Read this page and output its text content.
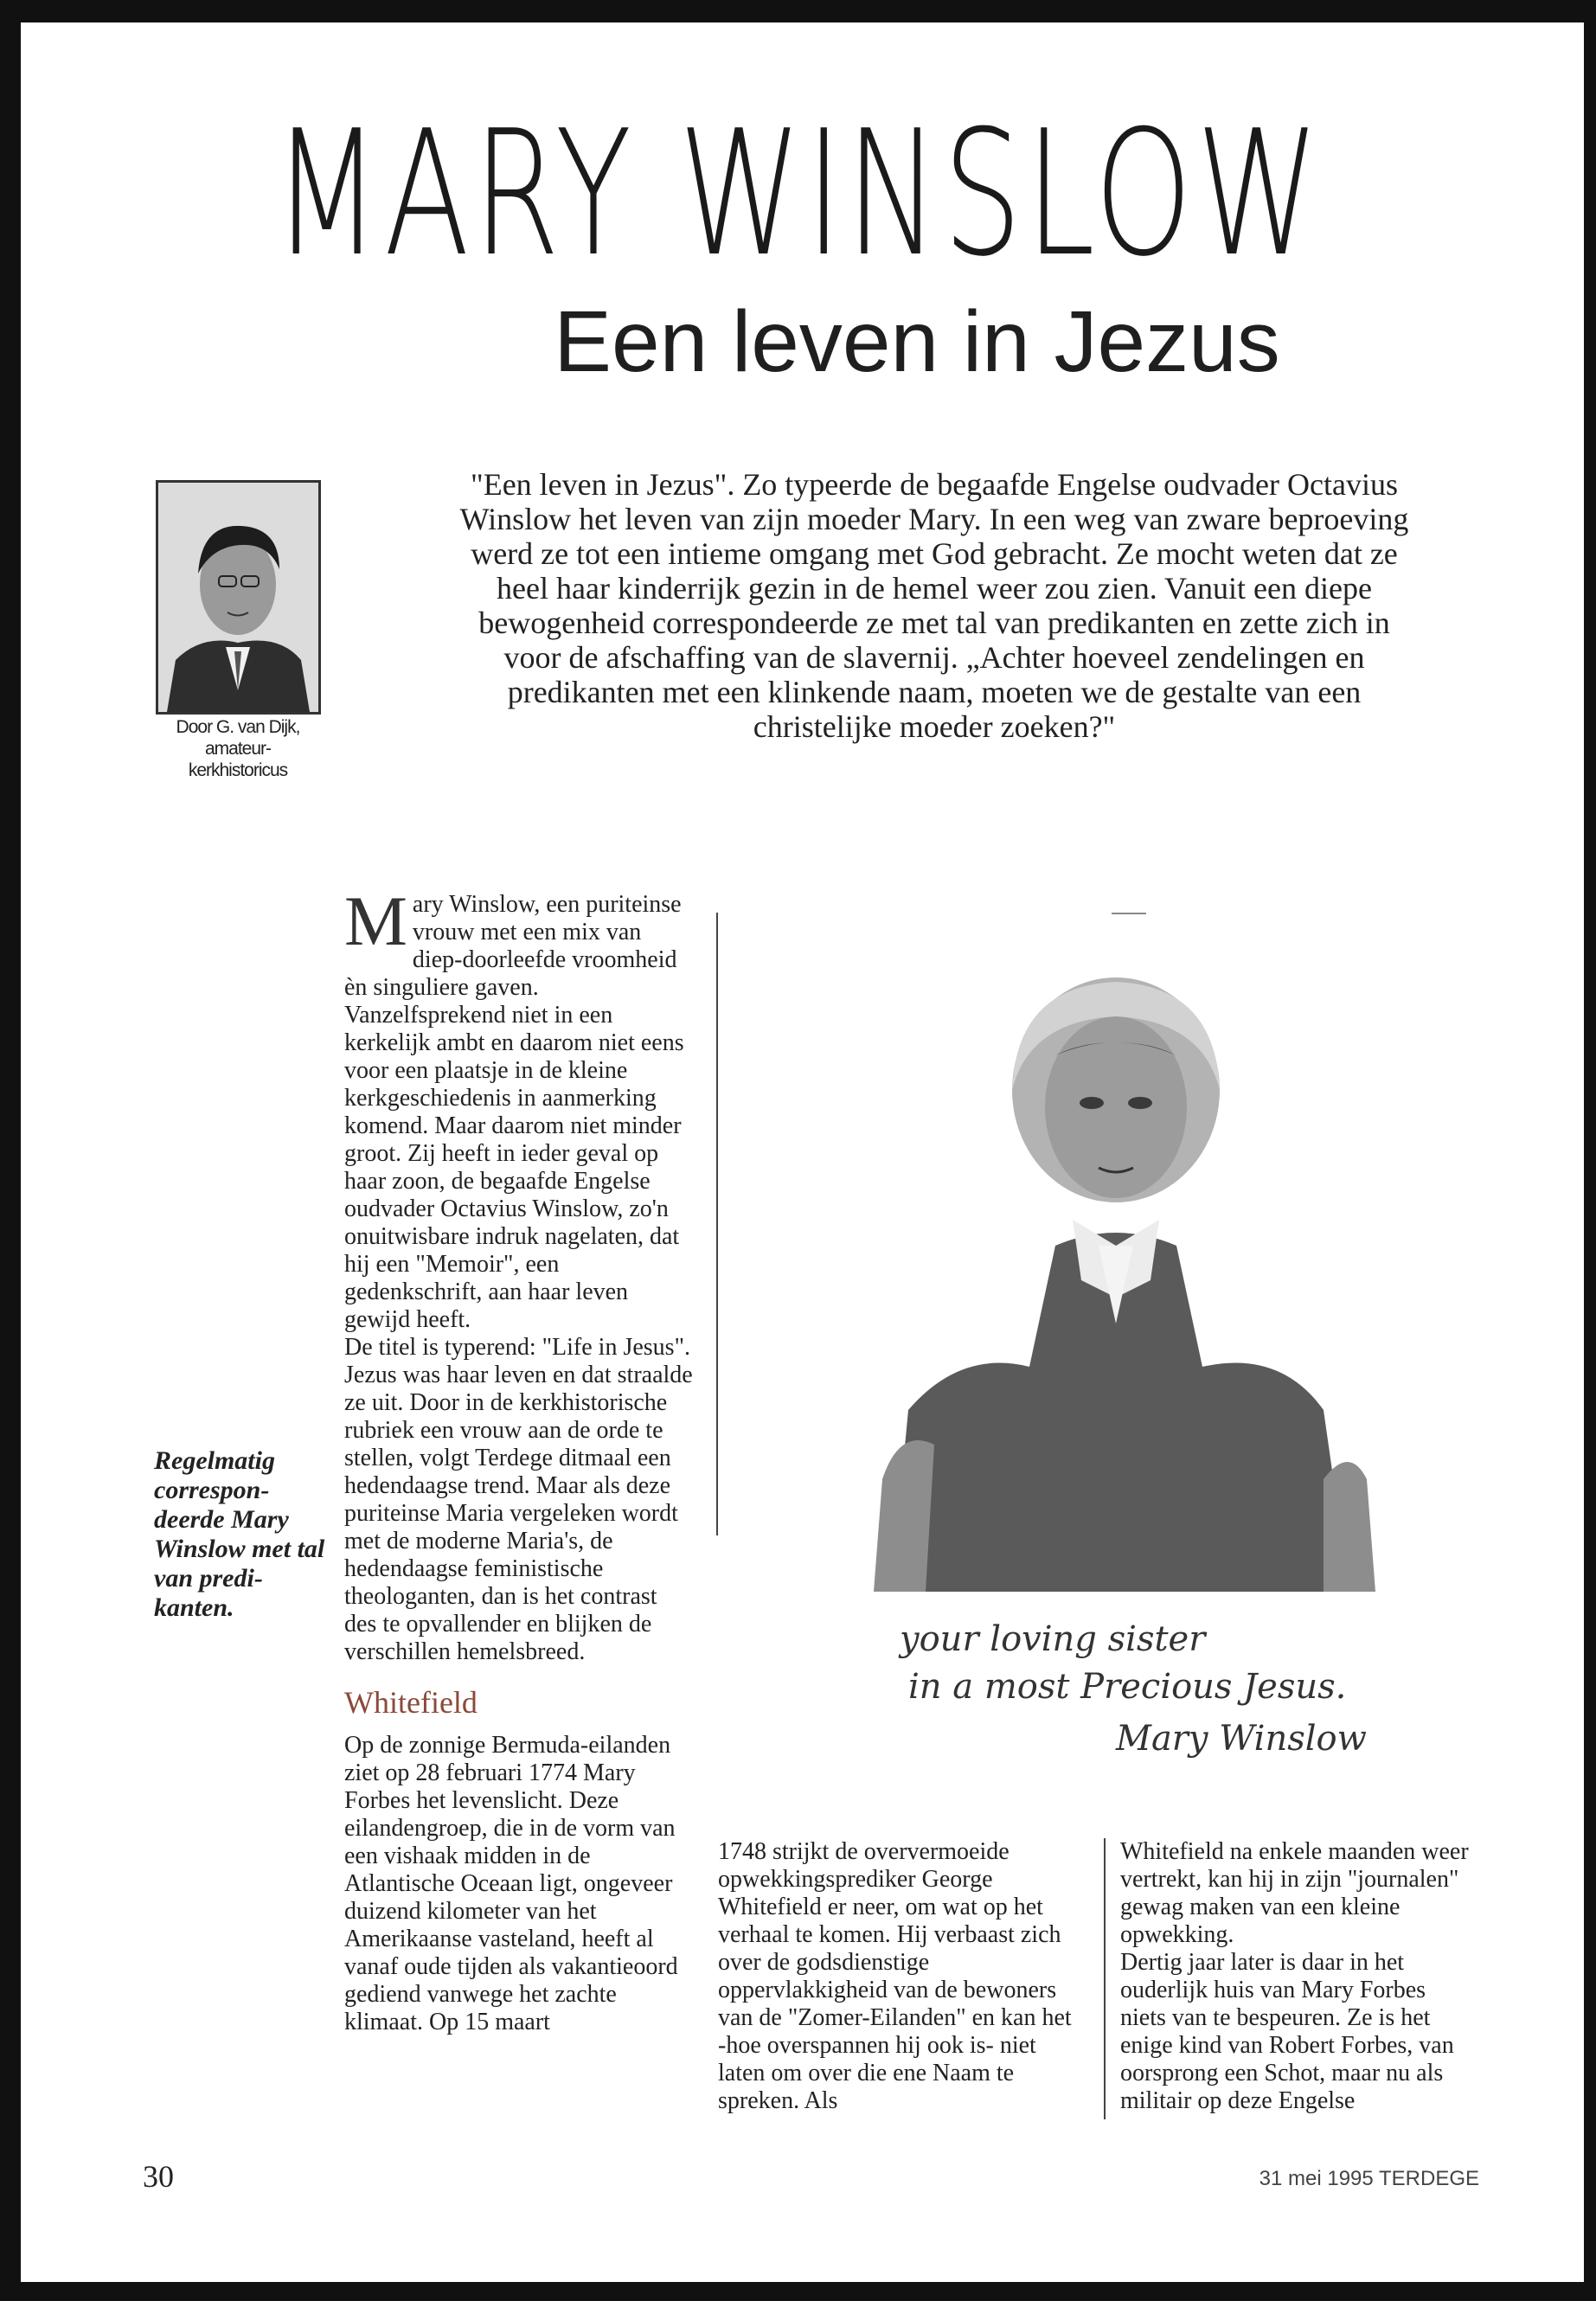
MARY WINSLOW
Een leven in Jezus
Door G. van Dijk, amateur-kerkhistoricus

"Een leven in Jezus". Zo typeerde de begaafde Engelse oudvader Octavius Winslow het leven van zijn moeder Mary. In een weg van zware beproeving werd ze tot een intieme omgang met God gebracht. Ze mocht weten dat ze heel haar kinderrijk gezin in de hemel weer zou zien. Vanuit een diepe bewogenheid correspondeerde ze met tal van predikanten en zette zich in voor de afschaffing van de slavernij. „Achter hoeveel zendelingen en predikanten met een klinkende naam, moeten we de gestalte van een christelijke moeder zoeken?"

Regelmatig correspon-deerde Mary Winslow met tal van predi-kanten.

Mary Winslow, een puriteinse vrouw met een mix van diep-doorleefde vroomheid èn singuliere gaven. Vanzelfsprekend niet in een kerkelijk ambt en daarom niet eens voor een plaatsje in de kleine kerkgeschiedenis in aanmerking komend. Maar daarom niet minder groot. Zij heeft in ieder geval op haar zoon, de begaafde Engelse oudvader Octavius Winslow, zo'n onuitwisbare indruk nagelaten, dat hij een "Memoir", een gedenkschrift, aan haar leven gewijd heeft.

De titel is typerend: "Life in Jesus". Jezus was haar leven en dat straalde ze uit. Door in de kerkhistorische rubriek een vrouw aan de orde te stellen, volgt Terdege ditmaal een hedendaagse trend. Maar als deze puriteinse Maria vergeleken wordt met de moderne Maria's, de hedendaagse feministische theologanten, dan is het contrast des te opvallender en blijken de verschillen hemelsbreed.

Whitefield

Op de zonnige Bermuda-eilanden ziet op 28 februari 1774 Mary Forbes het levenslicht. Deze eilandengroep, die in de vorm van een vishaak midden in de Atlantische Oceaan ligt, ongeveer duizend kilometer van het Amerikaanse vasteland, heeft al vanaf oude tijden als vakantieoord gediend vanwege het zachte klimaat. Op 15 maart

your loving sister
in a most Precious Jesus.
Mary Winslow

1748 strijkt de oververmoeide opwekkingsprediker George Whitefield er neer, om wat op het verhaal te komen. Hij verbaast zich over de godsdienstige oppervlakkigheid van de bewoners van de "Zomer-Eilanden" en kan het -hoe overspannen hij ook is- niet laten om over die ene Naam te spreken. Als

Whitefield na enkele maanden weer vertrekt, kan hij in zijn "journalen" gewag maken van een kleine opwekking.

Dertig jaar later is daar in het ouderlijk huis van Mary Forbes niets van te bespeuren. Ze is het enige kind van Robert Forbes, van oorsprong een Schot, maar nu als militair op deze Engelse

30	31 mei 1995 TERDEGE
